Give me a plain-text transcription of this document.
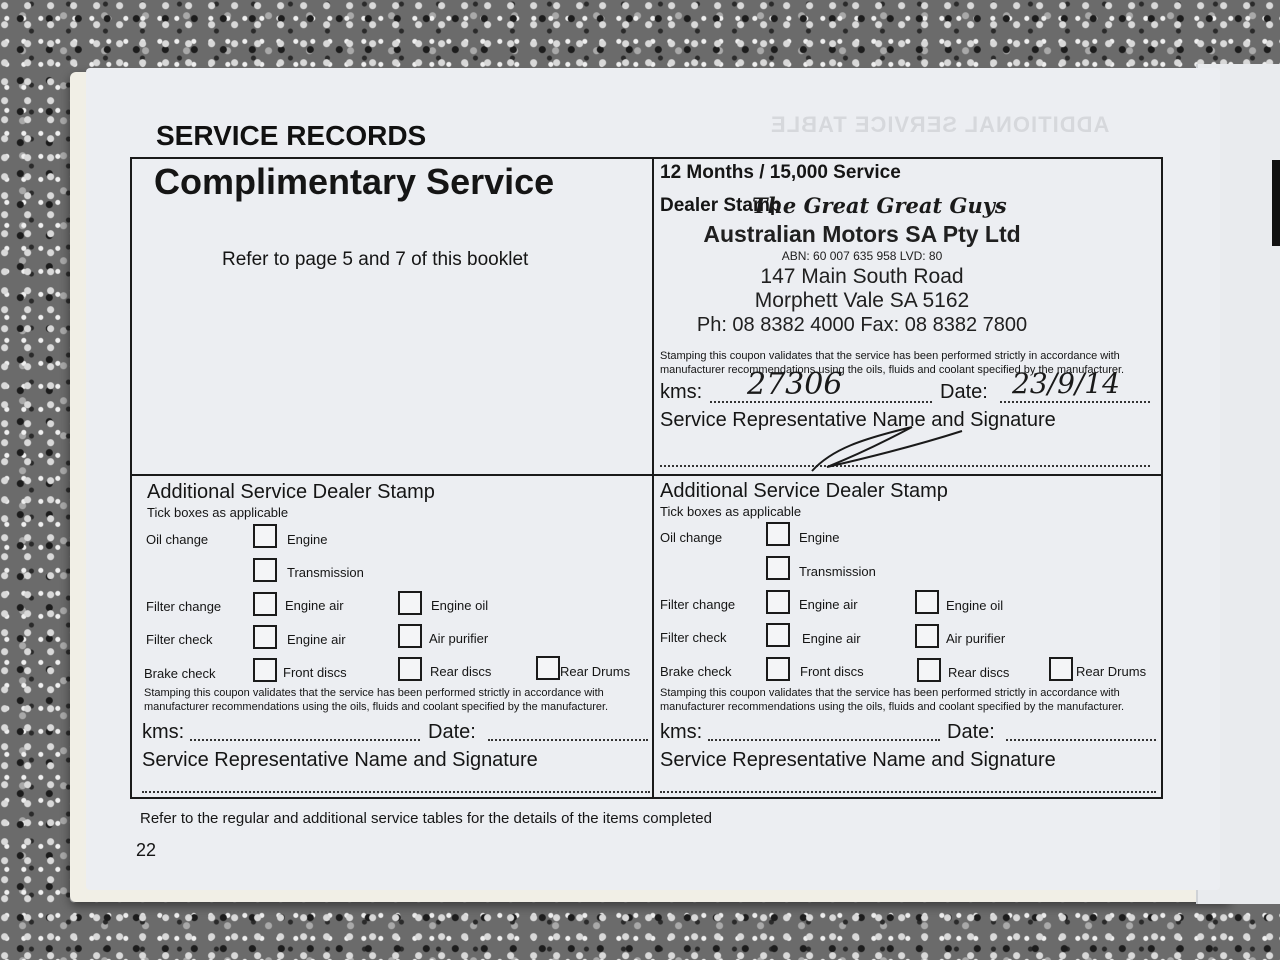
ADDITIONAL SERVICE TABLE
SERVICE RECORDS
Complimentary Service
Refer to page 5 and 7 of this booklet
12 Months / 15,000 Service
Dealer Stamp
The Great Great Guys
Australian Motors SA Pty Ltd
ABN: 60 007 635 958 LVD: 80
147 Main South Road
Morphett Vale SA 5162
Ph: 08 8382 4000 Fax: 08 8382 7800
Stamping this coupon validates that the service has been performed strictly in accordance with manufacturer recommendations using the oils, fluids and coolant specified by the manufacturer.
kms: 27306	Date: 23/9/14
Service Representative Name and Signature
Additional Service Dealer Stamp
Tick boxes as applicable
Oil change	Engine
Transmission
Filter change	Engine air	Engine oil
Filter check	Engine air	Air purifier
Brake check	Front discs	Rear discs	Rear Drums
Stamping this coupon validates that the service has been performed strictly in accordance with manufacturer recommendations using the oils, fluids and coolant specified by the manufacturer.
kms:	Date:
Service Representative Name and Signature
Additional Service Dealer Stamp
Tick boxes as applicable
Oil change	Engine
Transmission
Filter change	Engine air	Engine oil
Filter check	Engine air	Air purifier
Brake check	Front discs	Rear discs	Rear Drums
Stamping this coupon validates that the service has been performed strictly in accordance with manufacturer recommendations using the oils, fluids and coolant specified by the manufacturer.
kms:	Date:
Service Representative Name and Signature
Refer to the regular and additional service tables for the details of the items completed
22
